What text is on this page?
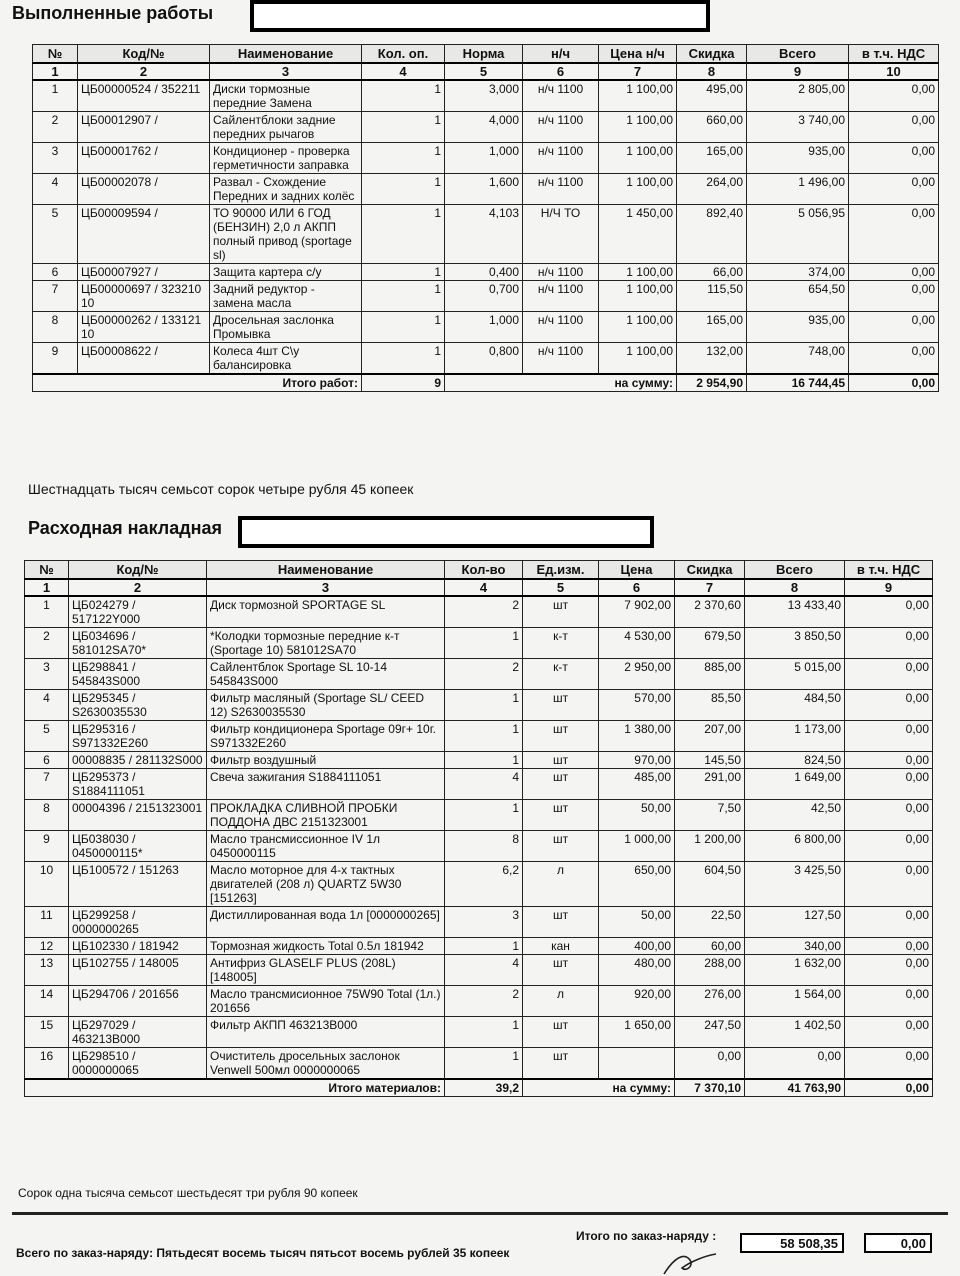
Выполненные работы
№	Код/№	Наименование	Кол. оп.	Норма	н/ч	Цена н/ч	Скидка	Всего	в т.ч. НДС
1	2	3	4	5	6	7	8	9	10
1	ЦБ00000524 / 352211	Диски тормозные передние Замена	1	3,000	н/ч 1100	1 100,00	495,00	2 805,00	0,00
2	ЦБ00012907 /	Сайлентблоки задние передних рычагов	1	4,000	н/ч 1100	1 100,00	660,00	3 740,00	0,00
3	ЦБ00001762 /	Кондиционер - проверка герметичности заправка	1	1,000	н/ч 1100	1 100,00	165,00	935,00	0,00
4	ЦБ00002078 /	Развал - Схождение Передних и задних колёс	1	1,600	н/ч 1100	1 100,00	264,00	1 496,00	0,00
5	ЦБ00009594 /	ТО 90000 ИЛИ 6 ГОД (БЕНЗИН) 2,0 л АКПП полный привод (sportage sl)	1	4,103	Н/Ч ТО	1 450,00	892,40	5 056,95	0,00
6	ЦБ00007927 /	Защита картера с/у	1	0,400	н/ч 1100	1 100,00	66,00	374,00	0,00
7	ЦБ00000697 / 323210 10	Задний редуктор - замена масла	1	0,700	н/ч 1100	1 100,00	115,50	654,50	0,00
8	ЦБ00000262 / 133121 10	Дросельная заслонка Промывка	1	1,000	н/ч 1100	1 100,00	165,00	935,00	0,00
9	ЦБ00008622 /	Колеса 4шт С\у балансировка	1	0,800	н/ч 1100	1 100,00	132,00	748,00	0,00
Итого работ:			9	на сумму:			2 954,90	16 744,45	0,00
Шестнадцать тысяч семьсот сорок четыре рубля 45 копеек
Расходная накладная
№	Код/№	Наименование	Кол-во	Ед.изм.	Цена	Скидка	Всего	в т.ч. НДС
1	2	3	4	5	6	7	8	9
1	ЦБ024279 / 517122Y000	Диск тормозной SPORTAGE SL	2	шт	7 902,00	2 370,60	13 433,40	0,00
2	ЦБ034696 / 581012SA70*	*Колодки тормозные передние к-т (Sportage 10) 581012SA70	1	к-т	4 530,00	679,50	3 850,50	0,00
3	ЦБ298841 / 545843S000	Сайлентблок Sportage SL 10-14 545843S000	2	к-т	2 950,00	885,00	5 015,00	0,00
4	ЦБ295345 / S2630035530	Фильтр масляный (Sportage SL/ CEED 12) S2630035530	1	шт	570,00	85,50	484,50	0,00
5	ЦБ295316 / S971332E260	Фильтр кондиционера Sportage 09г+ 10г. S971332E260	1	шт	1 380,00	207,00	1 173,00	0,00
6	00008835 / 281132S000	Фильтр воздушный	1	шт	970,00	145,50	824,50	0,00
7	ЦБ295373 / S1884111051	Свеча зажигания S1884111051	4	шт	485,00	291,00	1 649,00	0,00
8	00004396 / 2151323001	ПРОКЛАДКА СЛИВНОЙ ПРОБКИ ПОДДОНА ДВС 2151323001	1	шт	50,00	7,50	42,50	0,00
9	ЦБ038030 / 0450000115*	Масло трансмиссионное IV 1л 0450000115	8	шт	1 000,00	1 200,00	6 800,00	0,00
10	ЦБ100572 / 151263	Масло моторное для 4-х тактных двигателей (208 л) QUARTZ 5W30 [151263]	6,2	л	650,00	604,50	3 425,50	0,00
11	ЦБ299258 / 0000000265	Дистиллированная вода 1л [0000000265]	3	шт	50,00	22,50	127,50	0,00
12	ЦБ102330 / 181942	Тормозная жидкость Total 0.5л 181942	1	кан	400,00	60,00	340,00	0,00
13	ЦБ102755 / 148005	Антифриз GLASELF PLUS (208L) [148005]	4	шт	480,00	288,00	1 632,00	0,00
14	ЦБ294706 / 201656	Масло трансмисионное 75W90 Total (1л.) 201656	2	л	920,00	276,00	1 564,00	0,00
15	ЦБ297029 / 463213B000	Фильтр АКПП 463213B000	1	шт	1 650,00	247,50	1 402,50	0,00
16	ЦБ298510 / 0000000065	Очиститель дросельных заслонок Venwell 500мл 0000000065	1	шт		0,00	0,00	0,00
Итого материалов:			39,2	на сумму:		7 370,10	41 763,90	0,00
Сорок одна тысяча семьсот шестьдесят три рубля 90 копеек
Итого по заказ-наряду :	58 508,35	0,00
Всего по заказ-наряду: Пятьдесят восемь тысяч пятьсот восемь рублей 35 копеек
